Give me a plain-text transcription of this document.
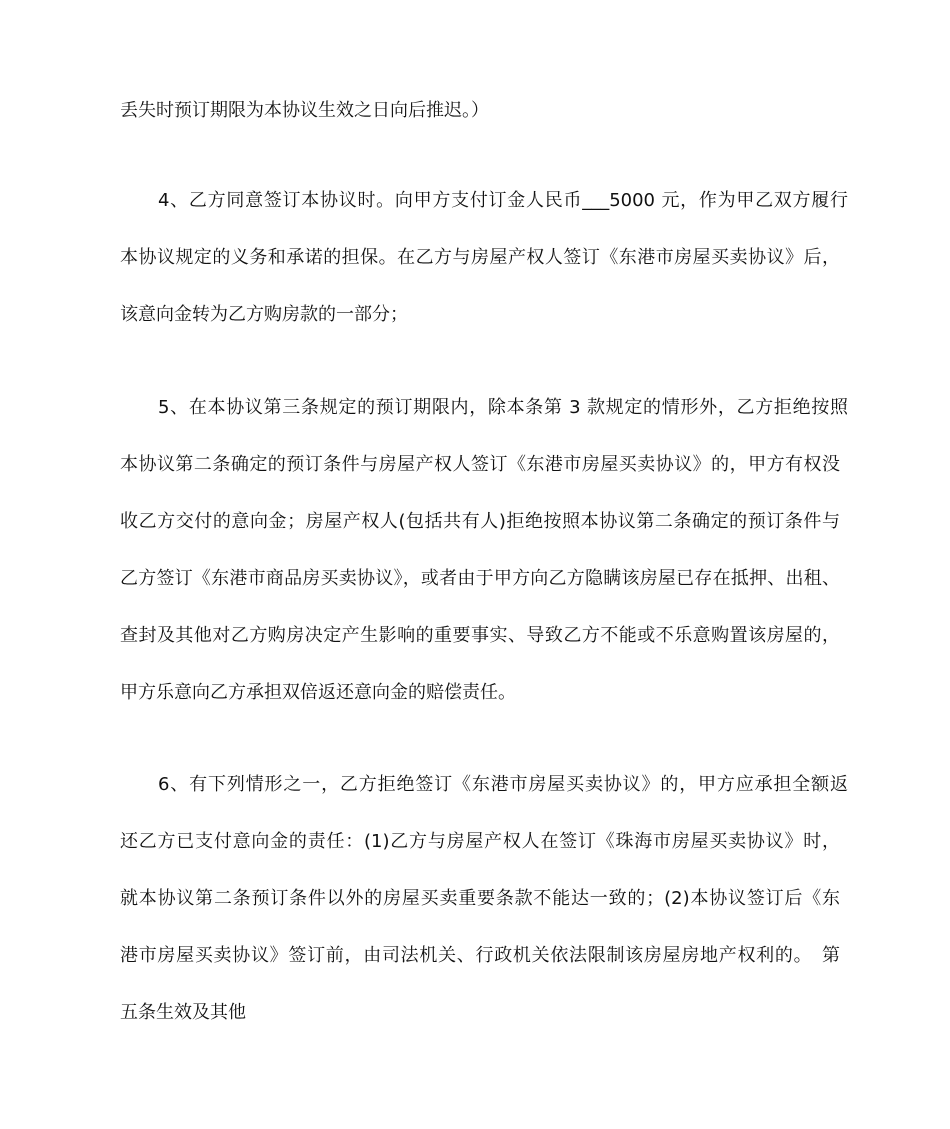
丢失时预订期限为本协议生效之日向后推迟。）
4、乙方同意签订本协议时。向甲方支付订金人民币___5000 元，作为甲乙双方履行
本协议规定的义务和承诺的担保。在乙方与房屋产权人签订《东港市房屋买卖协议》后，
该意向金转为乙方购房款的一部分；
5、在本协议第三条规定的预订期限内，除本条第 3 款规定的情形外，乙方拒绝按照
本协议第二条确定的预订条件与房屋产权人签订《东港市房屋买卖协议》的，甲方有权没
收乙方交付的意向金；房屋产权人(包括共有人)拒绝按照本协议第二条确定的预订条件与
乙方签订《东港市商品房买卖协议》，或者由于甲方向乙方隐瞒该房屋已存在抵押、出租、
查封及其他对乙方购房决定产生影响的重要事实、导致乙方不能或不乐意购置该房屋的，
甲方乐意向乙方承担双倍返还意向金的赔偿责任。
6、有下列情形之一，乙方拒绝签订《东港市房屋买卖协议》的，甲方应承担全额返
还乙方已支付意向金的责任：(1)乙方与房屋产权人在签订《珠海市房屋买卖协议》时，
就本协议第二条预订条件以外的房屋买卖重要条款不能达一致的；(2)本协议签订后《东
港市房屋买卖协议》签订前，由司法机关、行政机关依法限制该房屋房地产权利的。　第
五条生效及其他
